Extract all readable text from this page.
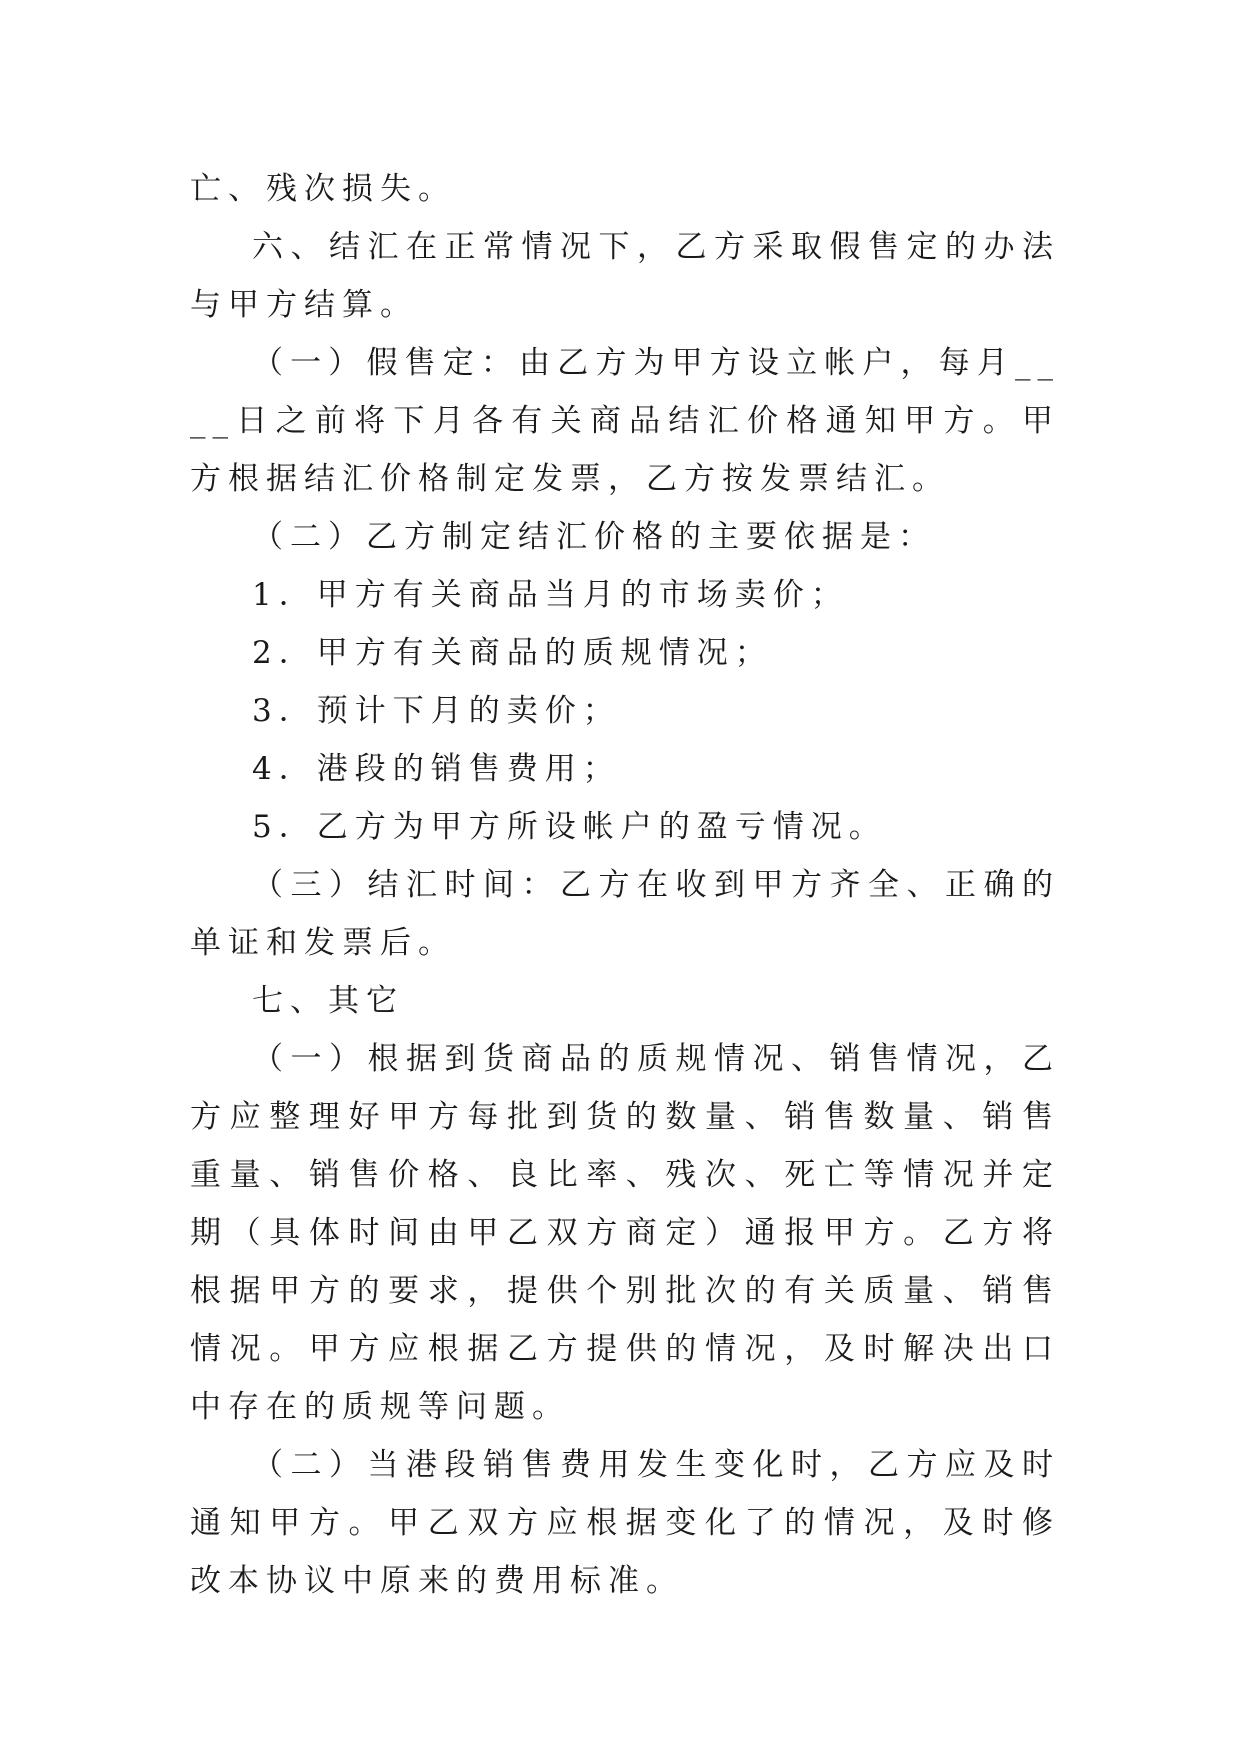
亡、残次损失。

六、结汇在正常情况下，乙方采取假售定的办法与甲方结算。

（一）假售定：由乙方为甲方设立帐户，每月____日之前将下月各有关商品结汇价格通知甲方。甲方根据结汇价格制定发票，乙方按发票结汇。

（二）乙方制定结汇价格的主要依据是：

1．甲方有关商品当月的市场卖价；

2．甲方有关商品的质规情况；

3．预计下月的卖价；

4．港段的销售费用；

5．乙方为甲方所设帐户的盈亏情况。

（三）结汇时间：乙方在收到甲方齐全、正确的单证和发票后。

七、其它

（一）根据到货商品的质规情况、销售情况，乙方应整理好甲方每批到货的数量、销售数量、销售重量、销售价格、良比率、残次、死亡等情况并定期（具体时间由甲乙双方商定）通报甲方。乙方将根据甲方的要求，提供个别批次的有关质量、销售情况。甲方应根据乙方提供的情况，及时解决出口中存在的质规等问题。

（二）当港段销售费用发生变化时，乙方应及时通知甲方。甲乙双方应根据变化了的情况，及时修改本协议中原来的费用标准。
